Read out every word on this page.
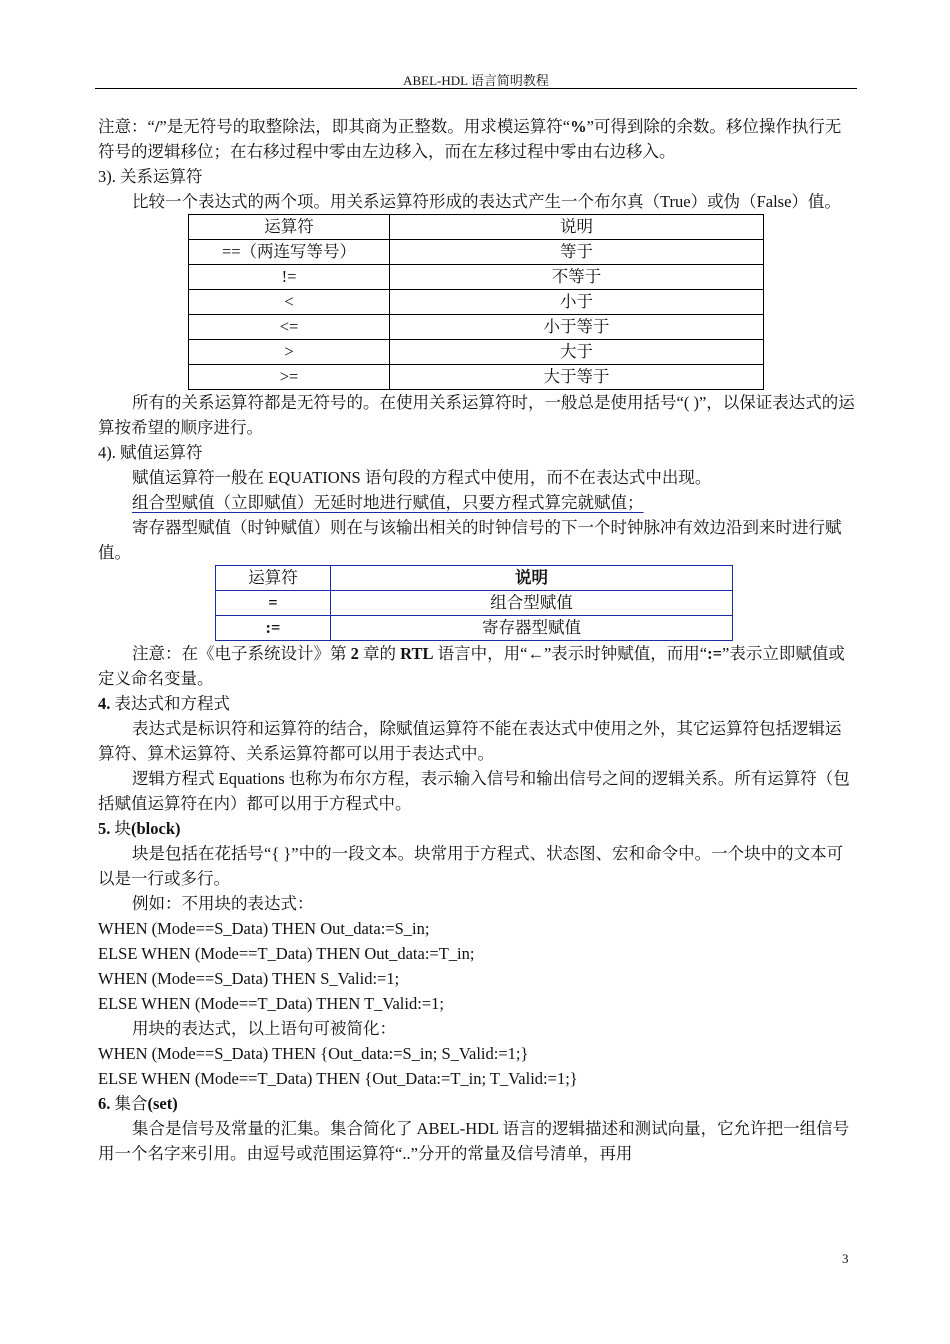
ABEL-HDL 语言简明教程

注意：“/”是无符号的取整除法，即其商为正整数。用求模运算符“%”可得到除的余数。移位操作执行无符号的逻辑移位；在右移过程中零由左边移入，而在左移过程中零由右边移入。

3). 关系运算符

比较一个表达式的两个项。用关系运算符形成的表达式产生一个布尔真（True）或伪（False）值。

运算符	说明
==（两连写等号）	等于
!=	不等于
<	小于
<=	小于等于
>	大于
>=	大于等于

所有的关系运算符都是无符号的。在使用关系运算符时，一般总是使用括号“( )”，以保证表达式的运算按希望的顺序进行。

4). 赋值运算符

赋值运算符一般在 EQUATIONS 语句段的方程式中使用，而不在表达式中出现。

组合型赋值（立即赋值）无延时地进行赋值，只要方程式算完就赋值；

寄存器型赋值（时钟赋值）则在与该输出相关的时钟信号的下一个时钟脉冲有效边沿到来时进行赋值。

运算符	说明
=	组合型赋值
:=	寄存器型赋值

注意：在《电子系统设计》第 2 章的 RTL 语言中，用“←”表示时钟赋值，而用“:=”表示立即赋值或定义命名变量。

4. 表达式和方程式

表达式是标识符和运算符的结合，除赋值运算符不能在表达式中使用之外，其它运算符包括逻辑运算符、算术运算符、关系运算符都可以用于表达式中。

逻辑方程式 Equations 也称为布尔方程，表示输入信号和输出信号之间的逻辑关系。所有运算符（包括赋值运算符在内）都可以用于方程式中。

5. 块(block)

块是包括在花括号“{ }”中的一段文本。块常用于方程式、状态图、宏和命令中。一个块中的文本可以是一行或多行。

例如：不用块的表达式：

WHEN (Mode==S_Data) THEN Out_data:=S_in;

ELSE WHEN (Mode==T_Data) THEN Out_data:=T_in;

WHEN (Mode==S_Data) THEN S_Valid:=1;

ELSE WHEN (Mode==T_Data) THEN T_Valid:=1;

用块的表达式，以上语句可被简化：

WHEN (Mode==S_Data) THEN {Out_data:=S_in; S_Valid:=1;}

ELSE WHEN (Mode==T_Data) THEN {Out_Data:=T_in; T_Valid:=1;}

6. 集合(set)

集合是信号及常量的汇集。集合简化了 ABEL-HDL 语言的逻辑描述和测试向量，它允许把一组信号用一个名字来引用。由逗号或范围运算符“..”分开的常量及信号清单，再用

3
